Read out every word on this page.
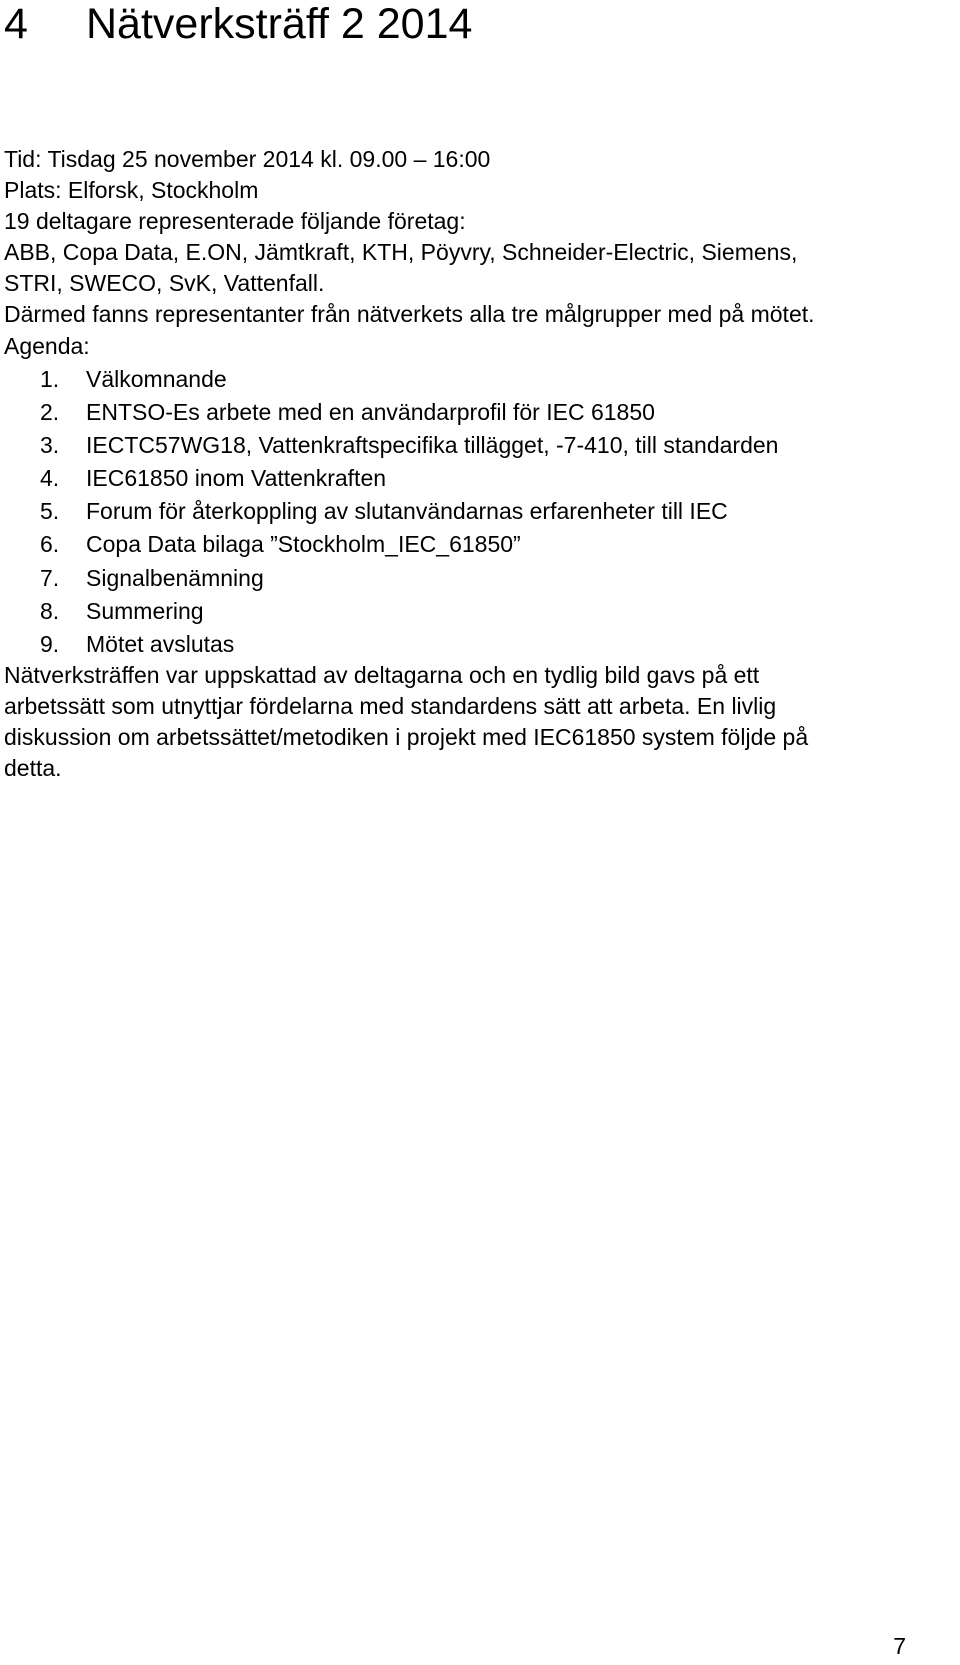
4 Nätverksträff 2 2014
Tid: Tisdag 25 november 2014 kl. 09.00 – 16:00
Plats: Elforsk, Stockholm
19 deltagare representerade följande företag:
ABB, Copa Data, E.ON, Jämtkraft, KTH, Pöyvry, Schneider-Electric, Siemens,
STRI, SWECO, SvK, Vattenfall.
Därmed fanns representanter från nätverkets alla tre målgrupper med på mötet.
Agenda:
1.	Välkomnande
2.	ENTSO-Es arbete med en användarprofil för IEC 61850
3.	IECTC57WG18, Vattenkraftspecifika tillägget, -7-410, till standarden
4.	IEC61850 inom Vattenkraften
5.	Forum för återkoppling av slutanvändarnas erfarenheter till IEC
6.	Copa Data bilaga ”Stockholm_IEC_61850”
7.	Signalbenämning
8.	Summering
9.	Mötet avslutas
Nätverksträffen var uppskattad av deltagarna och en tydlig bild gavs på ett
arbetssätt som utnyttjar fördelarna med standardens sätt att arbeta. En livlig
diskussion om arbetssättet/metodiken i projekt med IEC61850 system följde på
detta.
7
